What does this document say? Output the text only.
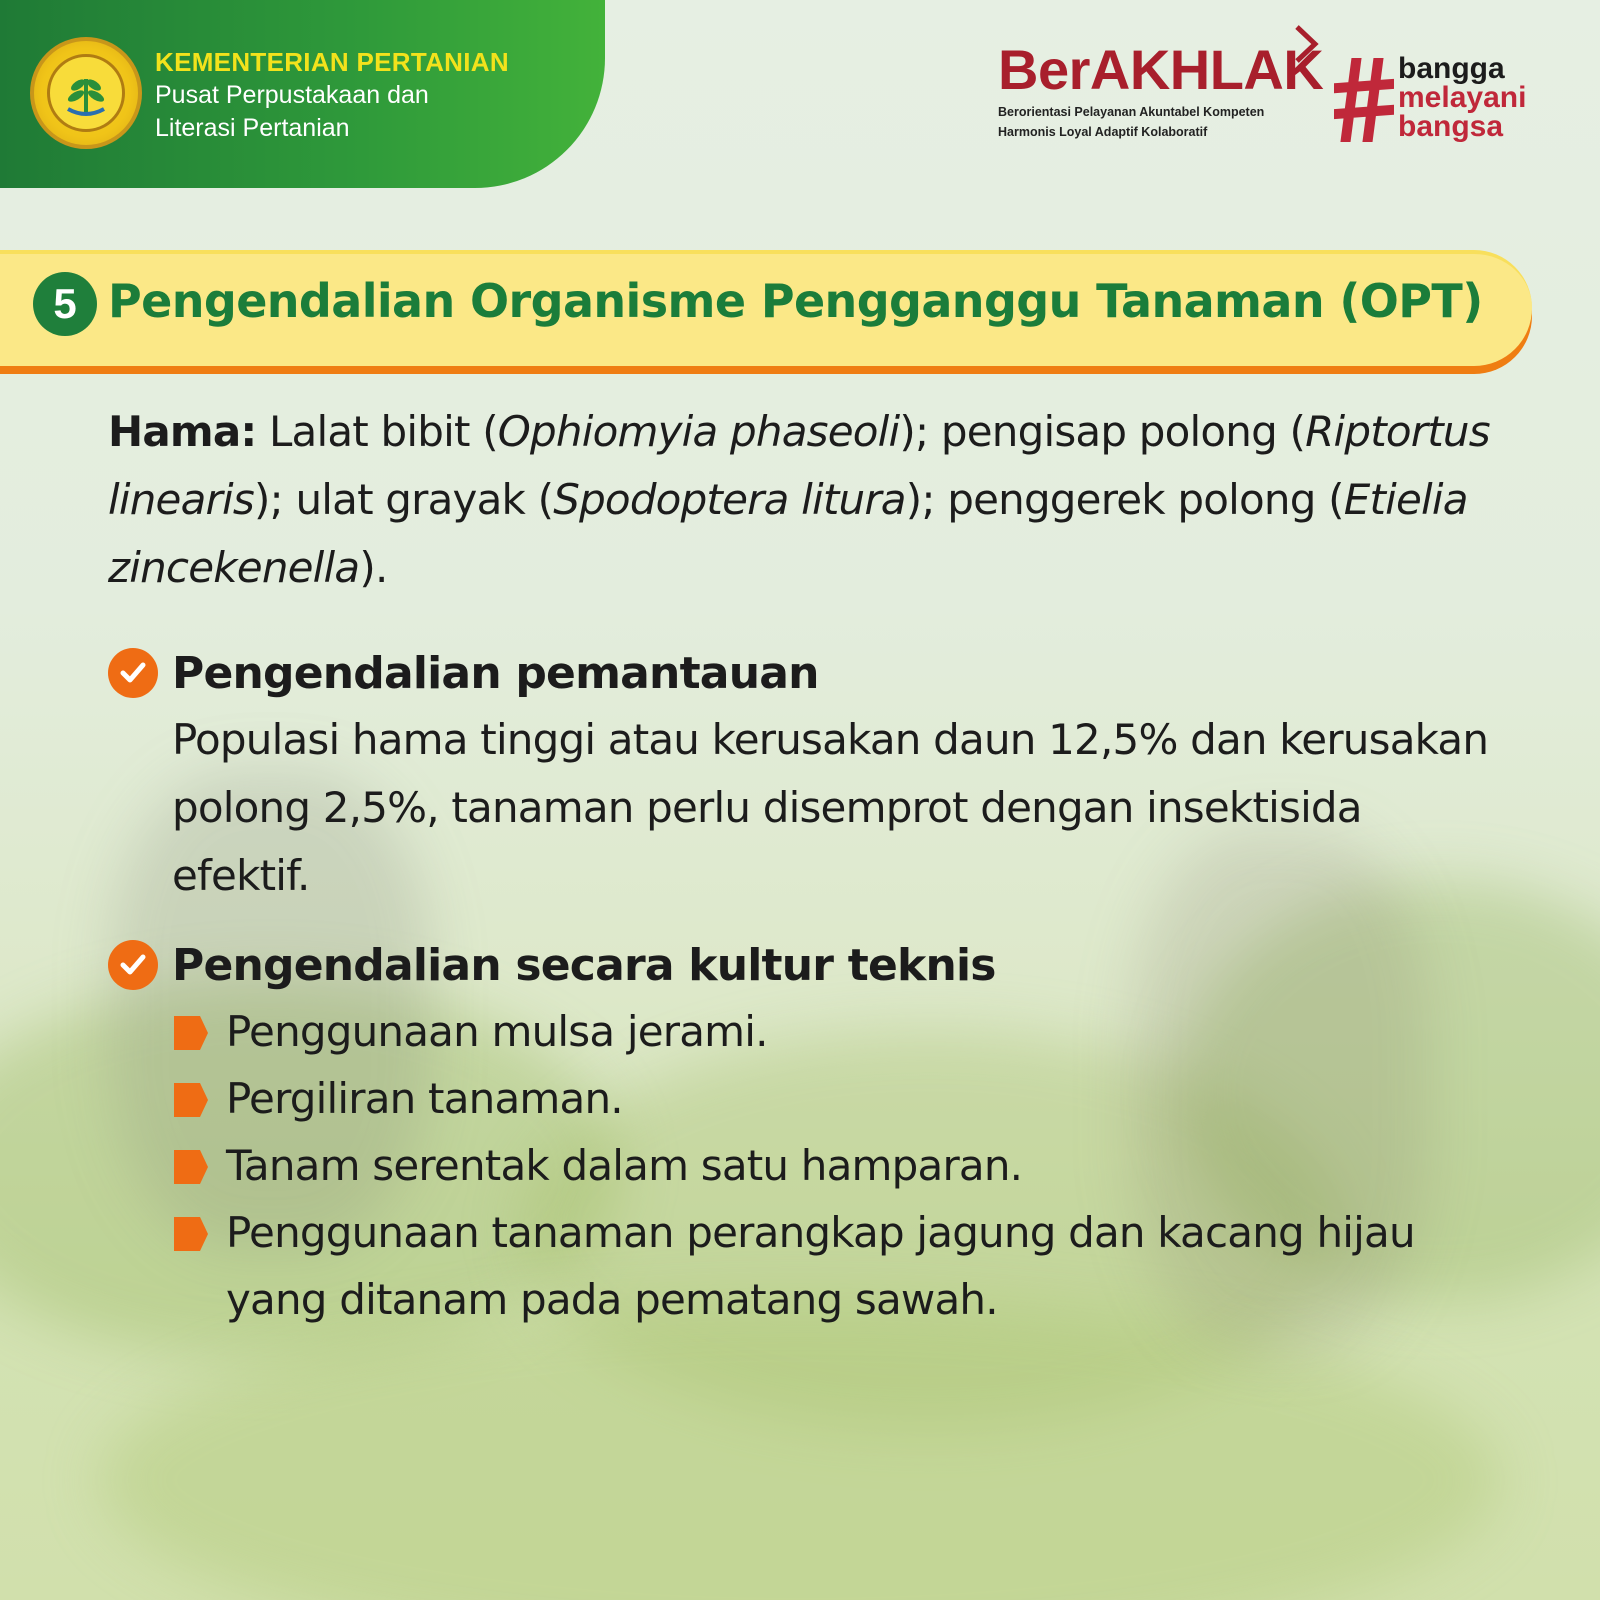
KEMENTERIAN PERTANIAN
Pusat Perpustakaan dan
Literasi Pertanian
BerAKHLAK
Berorientasi Pelayanan Akuntabel Kompeten
Harmonis Loyal Adaptif Kolaboratif
bangga
melayani
bangsa
5 Pengendalian Organisme Pengganggu Tanaman (OPT)

Hama: Lalat bibit (Ophiomyia phaseoli); pengisap polong (Riptortus linearis); ulat grayak (Spodoptera litura); penggerek polong (Etielia zincekenella).

Pengendalian pemantauan
Populasi hama tinggi atau kerusakan daun 12,5% dan kerusakan polong 2,5%, tanaman perlu disemprot dengan insektisida efektif.
Pengendalian secara kultur teknis
Penggunaan mulsa jerami.
Pergiliran tanaman.
Tanam serentak dalam satu hamparan.
Penggunaan tanaman perangkap jagung dan kacang hijau yang ditanam pada pematang sawah.
